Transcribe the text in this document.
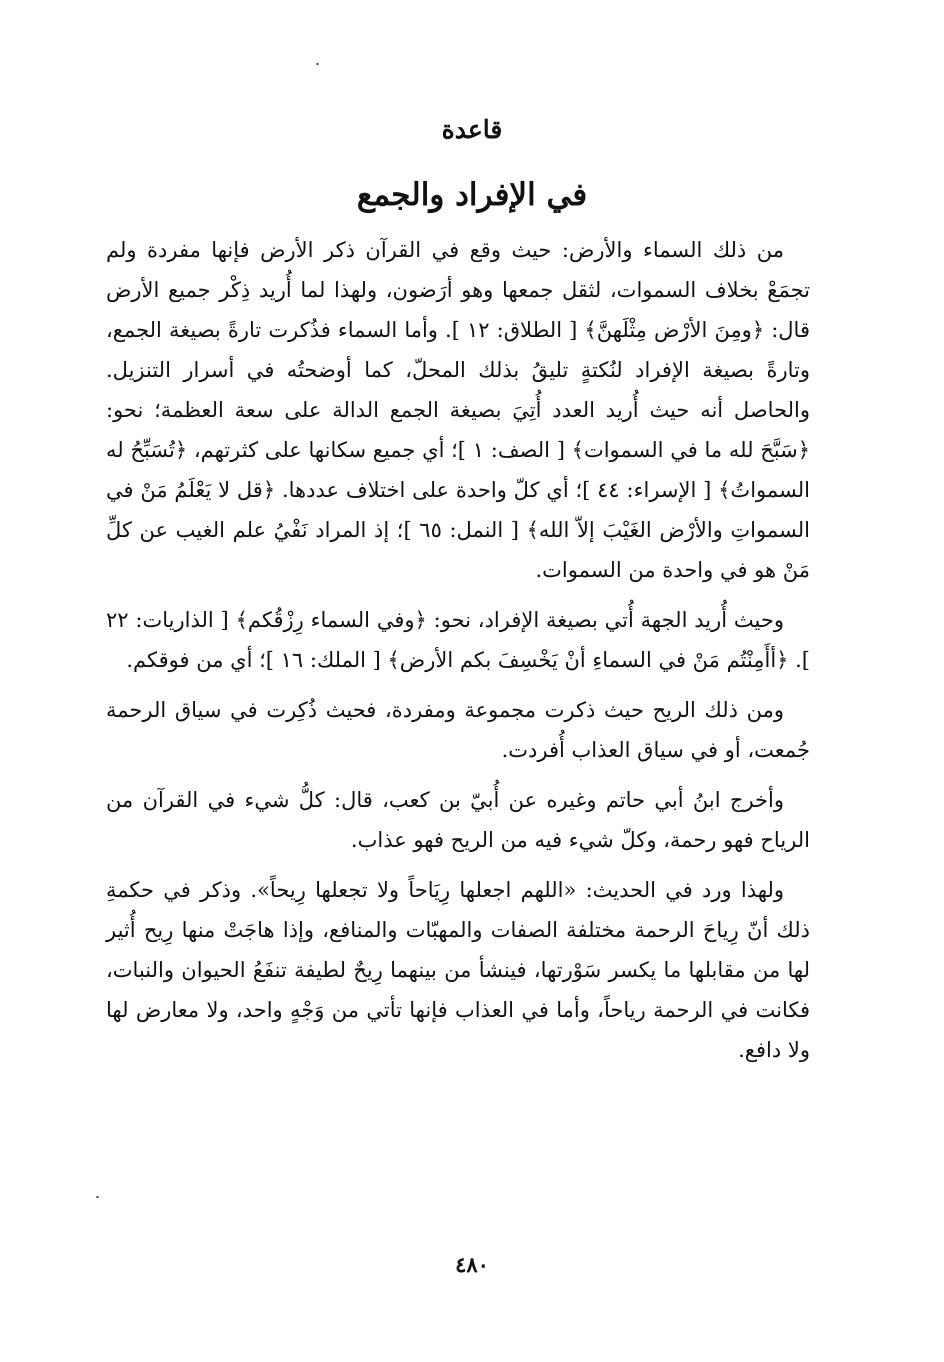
قاعدة
في الإفراد والجمع

من ذلك السماء والأرض: حيث وقع في القرآن ذكر الأرض فإنها مفردة ولم تجمَعْ بخلاف السموات، لثقل جمعها وهو أرَضون، ولهذا لما أُريد ذِكْر جميع الأرض قال: ﴿ومِنَ الأرْض مِثْلَهنَّ﴾ [ الطلاق: ١٢ ]. وأما السماء فذُكرت تارةً بصيغة الجمع، وتارةً بصيغة الإفراد لنُكتةٍ تليقُ بذلك المحلّ، كما أوضحتُه في أسرار التنزيل. والحاصل أنه حيث أُريد العدد أُتِيَ بصيغة الجمع الدالة على سعة العظمة؛ نحو: ﴿سَبَّحَ لله ما في السموات﴾ [ الصف: ١ ]؛ أي جميع سكانها على كثرتهم، ﴿تُسَبِّحُ له السمواتُ﴾ [ الإسراء: ٤٤ ]؛ أي كلّ واحدة على اختلاف عددها. ﴿قل لا يَعْلَمُ مَنْ في السمواتِ والأرْض الغَيْبَ إلاّ الله﴾ [ النمل: ٦٥ ]؛ إذ المراد نَفْيُ علم الغيب عن كلِّ مَنْ هو في واحدة من السموات.

وحيث أُريد الجهة أُتي بصيغة الإفراد، نحو: ﴿وفي السماء رِزْقُكم﴾ [ الذاريات: ٢٢ ]. ﴿أأَمِنْتُم مَنْ في السماءِ أنْ يَخْسِفَ بكم الأرض﴾ [ الملك: ١٦ ]؛ أي من فوقكم.

ومن ذلك الريح حيث ذكرت مجموعة ومفردة، فحيث ذُكِرت في سياق الرحمة جُمعت، أو في سياق العذاب أُفردت.

وأخرج ابنُ أبي حاتم وغيره عن أُبيّ بن كعب، قال: كلُّ شيء في القرآن من الرياح فهو رحمة، وكلّ شيء فيه من الريح فهو عذاب.

ولهذا ورد في الحديث: «اللهم اجعلها رِيَاحاً ولا تجعلها رِيحاً». وذكر في حكمةِ ذلك أنّ رِياحَ الرحمة مختلفة الصفات والمهبّات والمنافع، وإذا هاجَتْ منها رِيح أُثير لها من مقابلها ما يكسر سَوْرتها، فينشأ من بينهما رِيحٌ لطيفة تنفَعُ الحيوان والنبات، فكانت في الرحمة رياحاً، وأما في العذاب فإنها تأتي من وَجْهٍ واحد، ولا معارض لها ولا دافع.

٤٨٠
